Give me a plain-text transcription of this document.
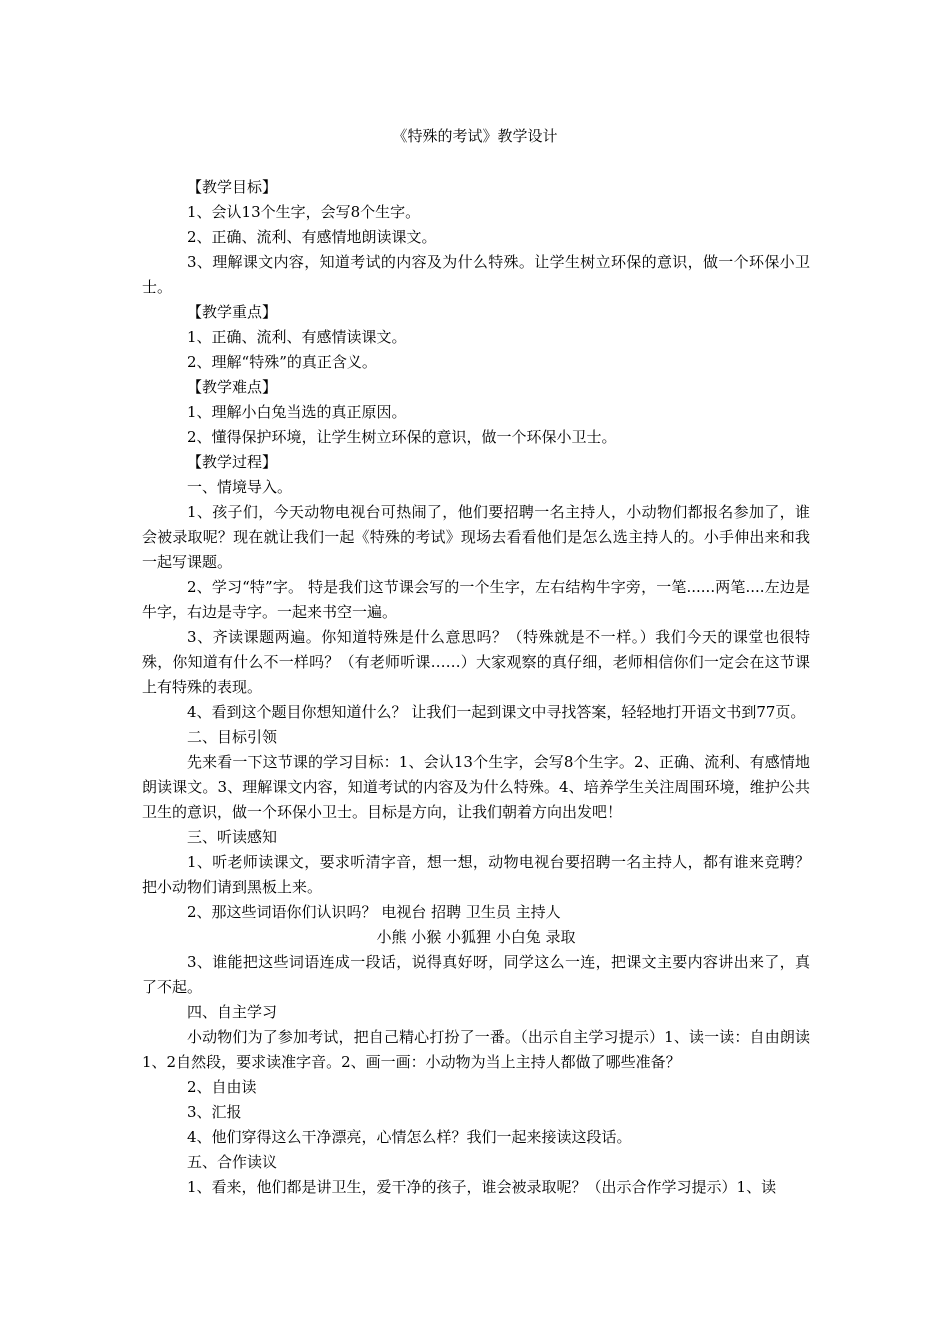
《特殊的考试》教学设计

【教学目标】

1、会认13个生字，会写8个生字。

2、正确、流利、有感情地朗读课文。

3、理解课文内容，知道考试的内容及为什么特殊。让学生树立环保的意识，做一个环保小卫士。

【教学重点】

1、正确、流利、有感情读课文。

2、理解“特殊”的真正含义。

【教学难点】

1、理解小白兔当选的真正原因。

2、懂得保护环境，让学生树立环保的意识，做一个环保小卫士。

【教学过程】

一、情境导入。

1、孩子们，今天动物电视台可热闹了，他们要招聘一名主持人，小动物们都报名参加了，谁会被录取呢？现在就让我们一起《特殊的考试》现场去看看他们是怎么选主持人的。小手伸出来和我一起写课题。

2、学习“特”字。 特是我们这节课会写的一个生字，左右结构牛字旁，一笔......两笔....左边是牛字，右边是寺字。一起来书空一遍。

3、齐读课题两遍。你知道特殊是什么意思吗？（特殊就是不一样。）我们今天的课堂也很特殊，你知道有什么不一样吗？（有老师听课……）大家观察的真仔细，老师相信你们一定会在这节课上有特殊的表现。

4、看到这个题目你想知道什么？ 让我们一起到课文中寻找答案，轻轻地打开语文书到77页。

二、目标引领

先来看一下这节课的学习目标：1、会认13个生字，会写8个生字。2、正确、流利、有感情地朗读课文。3、理解课文内容，知道考试的内容及为什么特殊。4、培养学生关注周围环境，维护公共卫生的意识，做一个环保小卫士。目标是方向，让我们朝着方向出发吧！

三、听读感知

1、听老师读课文，要求听清字音，想一想，动物电视台要招聘一名主持人，都有谁来竞聘？把小动物们请到黑板上来。

2、那这些词语你们认识吗？ 电视台 招聘 卫生员 主持人

小熊 小猴 小狐狸 小白兔 录取

3、谁能把这些词语连成一段话，说得真好呀，同学这么一连，把课文主要内容讲出来了，真了不起。

四、自主学习

小动物们为了参加考试，把自己精心打扮了一番。（出示自主学习提示）1、读一读：自由朗读1、2自然段，要求读准字音。2、画一画：小动物为当上主持人都做了哪些准备？

2、自由读

3、汇报

4、他们穿得这么干净漂亮，心情怎么样？我们一起来接读这段话。

五、合作读议

1、看来，他们都是讲卫生，爱干净的孩子，谁会被录取呢？（出示合作学习提示）1、读
